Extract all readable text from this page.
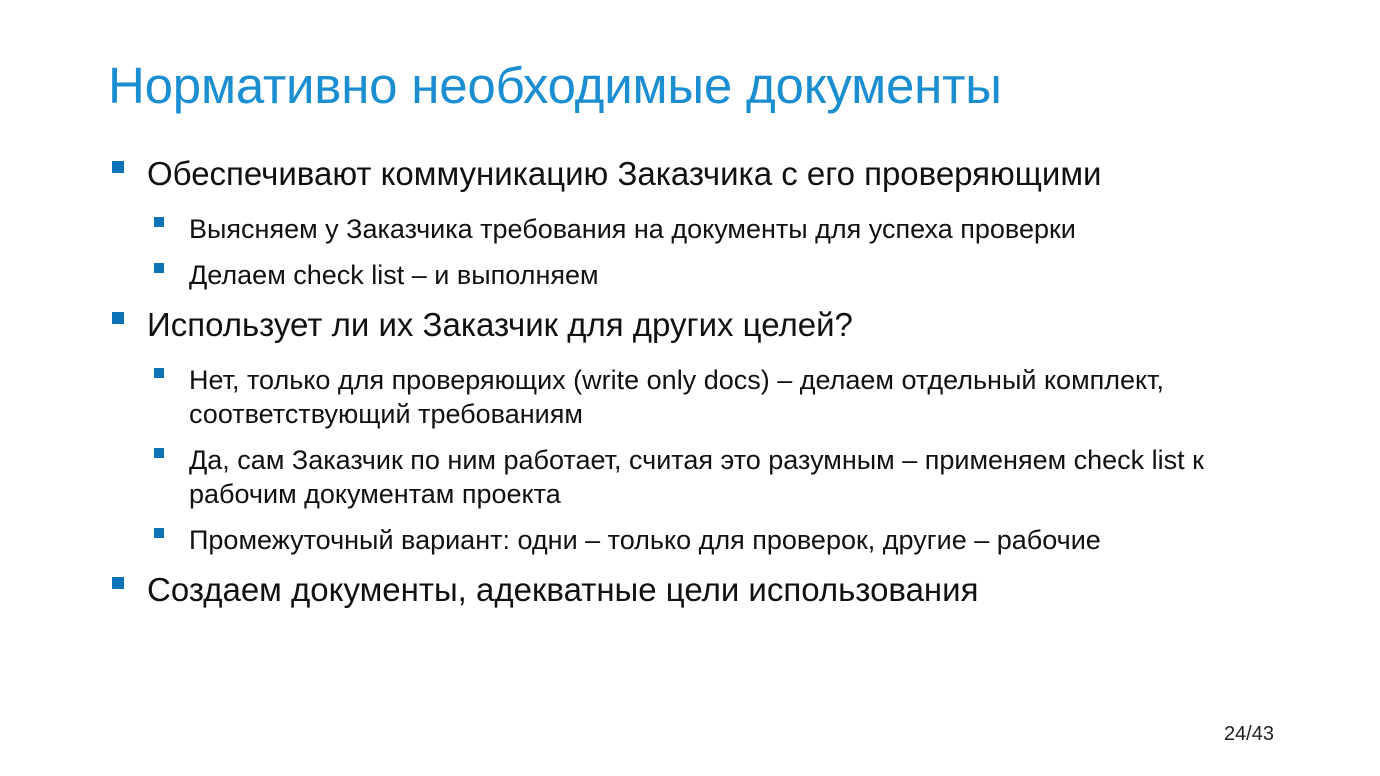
Нормативно необходимые документы
Обеспечивают коммуникацию Заказчика с его проверяющими
Выясняем у Заказчика требования на документы для успеха проверки
Делаем check list – и выполняем
Использует ли их Заказчик для других целей?
Нет, только для проверяющих (write only docs) – делаем отдельный комплект, соответствующий требованиям
Да, сам Заказчик по ним работает, считая это разумным – применяем check list к рабочим документам проекта
Промежуточный вариант: одни – только для проверок, другие – рабочие
Создаем документы, адекватные цели использования
24/43
